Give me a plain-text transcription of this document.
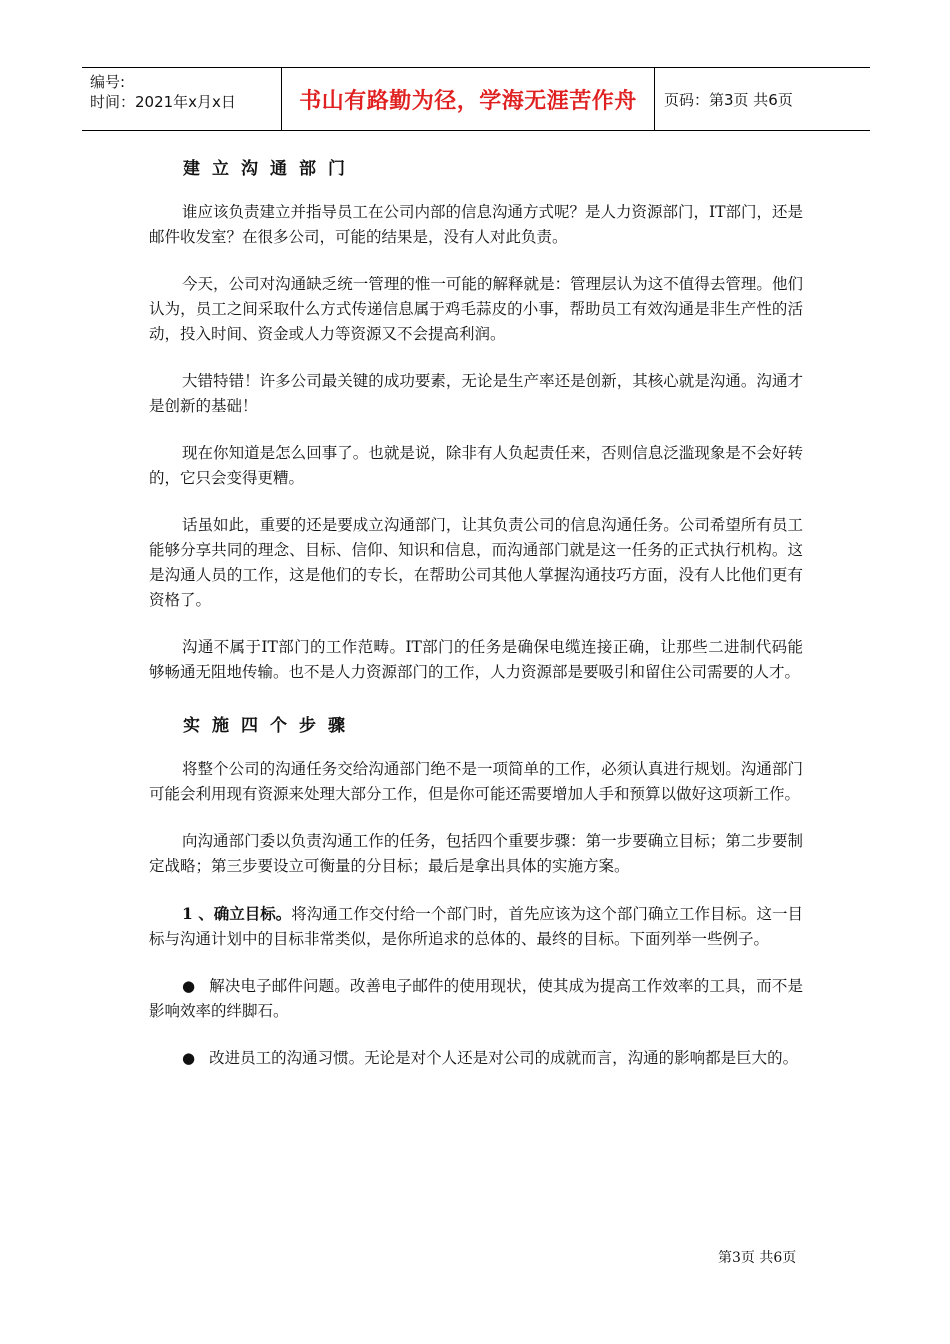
编号:
时间：2021年x月x日	书山有路勤为径，学海无涯苦作舟	页码：第3页 共6页
建立沟通部门

谁应该负责建立并指导员工在公司内部的信息沟通方式呢？是人力资源部门，IT部门，还是邮件收发室？在很多公司，可能的结果是，没有人对此负责。

今天，公司对沟通缺乏统一管理的惟一可能的解释就是：管理层认为这不值得去管理。他们认为，员工之间采取什么方式传递信息属于鸡毛蒜皮的小事，帮助员工有效沟通是非生产性的活动，投入时间、资金或人力等资源又不会提高利润。

大错特错！许多公司最关键的成功要素，无论是生产率还是创新，其核心就是沟通。沟通才是创新的基础！

现在你知道是怎么回事了。也就是说，除非有人负起责任来，否则信息泛滥现象是不会好转的，它只会变得更糟。

话虽如此，重要的还是要成立沟通部门，让其负责公司的信息沟通任务。公司希望所有员工能够分享共同的理念、目标、信仰、知识和信息，而沟通部门就是这一任务的正式执行机构。这是沟通人员的工作，这是他们的专长，在帮助公司其他人掌握沟通技巧方面，没有人比他们更有资格了。

沟通不属于IT部门的工作范畴。IT部门的任务是确保电缆连接正确，让那些二进制代码能够畅通无阻地传输。也不是人力资源部门的工作，人力资源部是要吸引和留住公司需要的人才。

实施四个步骤

将整个公司的沟通任务交给沟通部门绝不是一项简单的工作，必须认真进行规划。沟通部门可能会利用现有资源来处理大部分工作，但是你可能还需要增加人手和预算以做好这项新工作。

向沟通部门委以负责沟通工作的任务，包括四个重要步骤：第一步要确立目标；第二步要制定战略；第三步要设立可衡量的分目标；最后是拿出具体的实施方案。

1 、确立目标。将沟通工作交付给一个部门时，首先应该为这个部门确立工作目标。这一目标与沟通计划中的目标非常类似，是你所追求的总体的、最终的目标。下面列举一些例子。

● 解决电子邮件问题。改善电子邮件的使用现状，使其成为提高工作效率的工具，而不是影响效率的绊脚石。

● 改进员工的沟通习惯。无论是对个人还是对公司的成就而言，沟通的影响都是巨大的。

第3页 共6页
